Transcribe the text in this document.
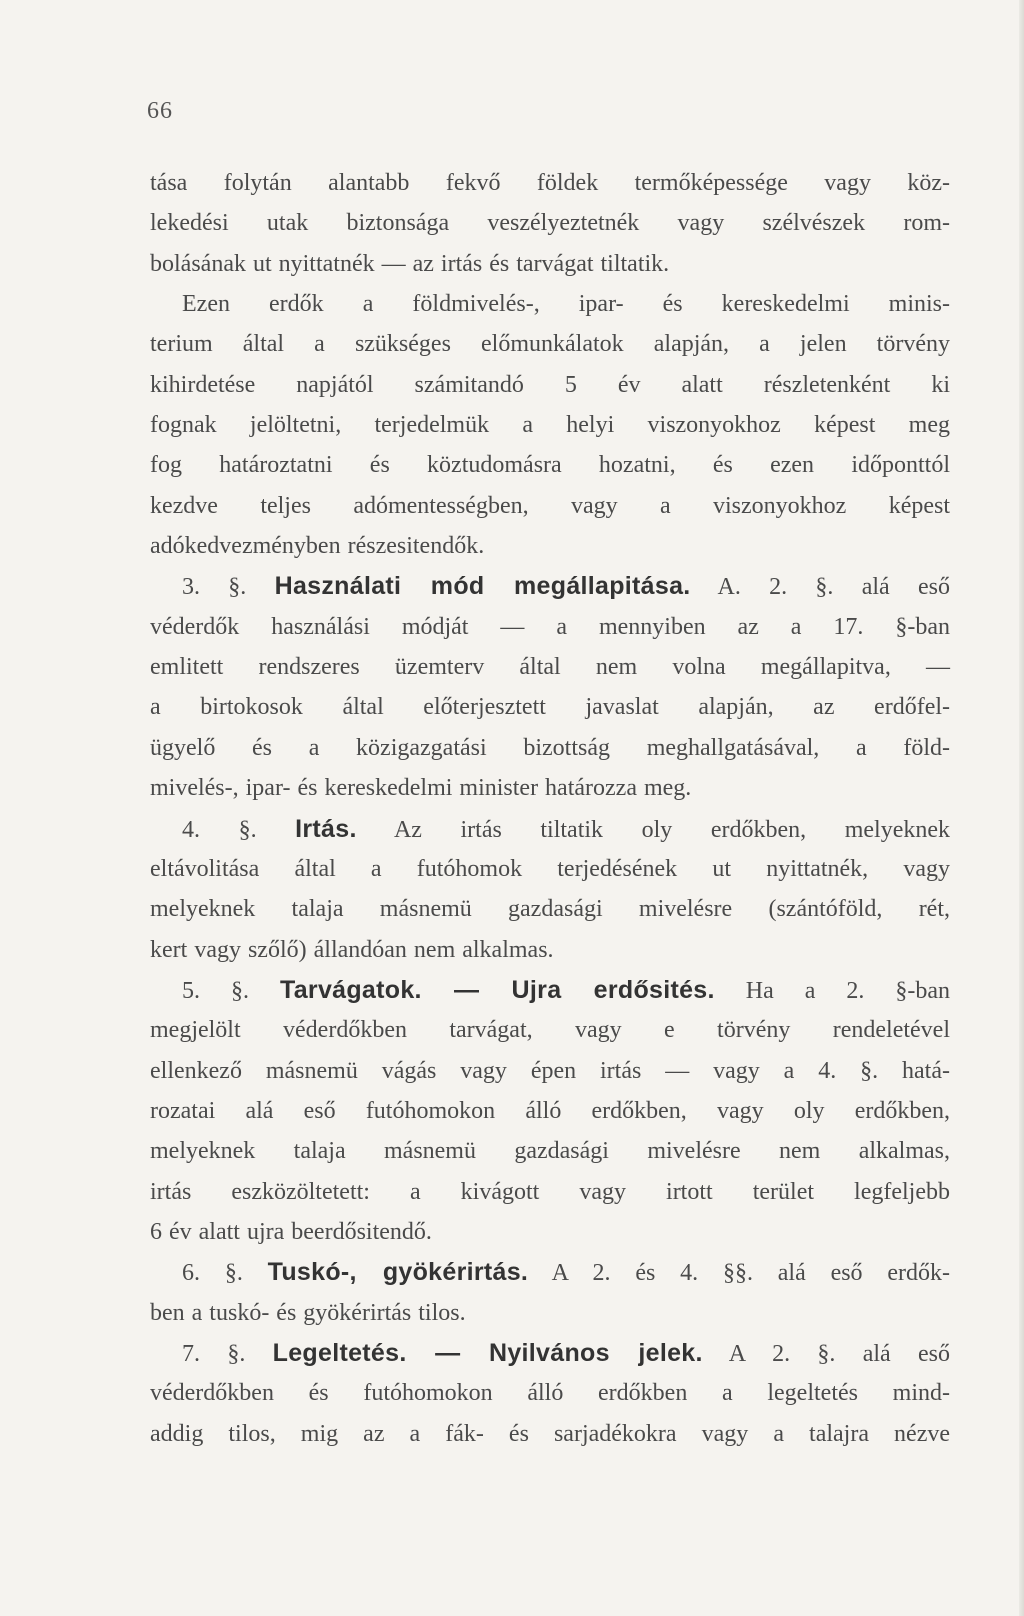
66
tása folytán alantabb fekvő földek termőképessége vagy köz-
lekedési utak biztonsága veszélyeztetnék vagy szélvészek rom-
bolásának ut nyittatnék — az irtás és tarvágat tiltatik.
Ezen erdők a földmivelés-, ipar- és kereskedelmi minis-
terium által a szükséges előmunkálatok alapján, a jelen törvény
kihirdetése napjától számitandó 5 év alatt részletenként ki
fognak jelöltetni, terjedelmük a helyi viszonyokhoz képest meg
fog határoztatni és köztudomásra hozatni, és ezen időponttól
kezdve teljes adómentességben, vagy a viszonyokhoz képest
adókedvezményben részesitendők.
3. §. Használati mód megállapitása. A. 2. §. alá eső
véderdők használási módját — a mennyiben az a 17. §-ban
emlitett rendszeres üzemterv által nem volna megállapitva, —
a birtokosok által előterjesztett javaslat alapján, az erdőfel-
ügyelő és a közigazgatási bizottság meghallgatásával, a föld-
mivelés-, ipar- és kereskedelmi minister határozza meg.
4. §. Irtás. Az irtás tiltatik oly erdőkben, melyeknek
eltávolitása által a futóhomok terjedésének ut nyittatnék, vagy
melyeknek talaja másnemü gazdasági mivelésre (szántóföld, rét,
kert vagy szőlő) állandóan nem alkalmas.
5. §. Tarvágatok. — Ujra erdősités. Ha a 2. §-ban
megjelölt véderdőkben tarvágat, vagy e törvény rendeletével
ellenkező másnemü vágás vagy épen irtás — vagy a 4. §. hatá-
rozatai alá eső futóhomokon álló erdőkben, vagy oly erdőkben,
melyeknek talaja másnemü gazdasági mivelésre nem alkalmas,
irtás eszközöltetett: a kivágott vagy irtott terület legfeljebb
6 év alatt ujra beerdősitendő.
6. §. Tuskó-, gyökérirtás. A 2. és 4. §§. alá eső erdők-
ben a tuskó- és gyökérirtás tilos.
7. §. Legeltetés. — Nyilvános jelek. A 2. §. alá eső
véderdőkben és futóhomokon álló erdőkben a legeltetés mind-
addig tilos, mig az a fák- és sarjadékokra vagy a talajra nézve
